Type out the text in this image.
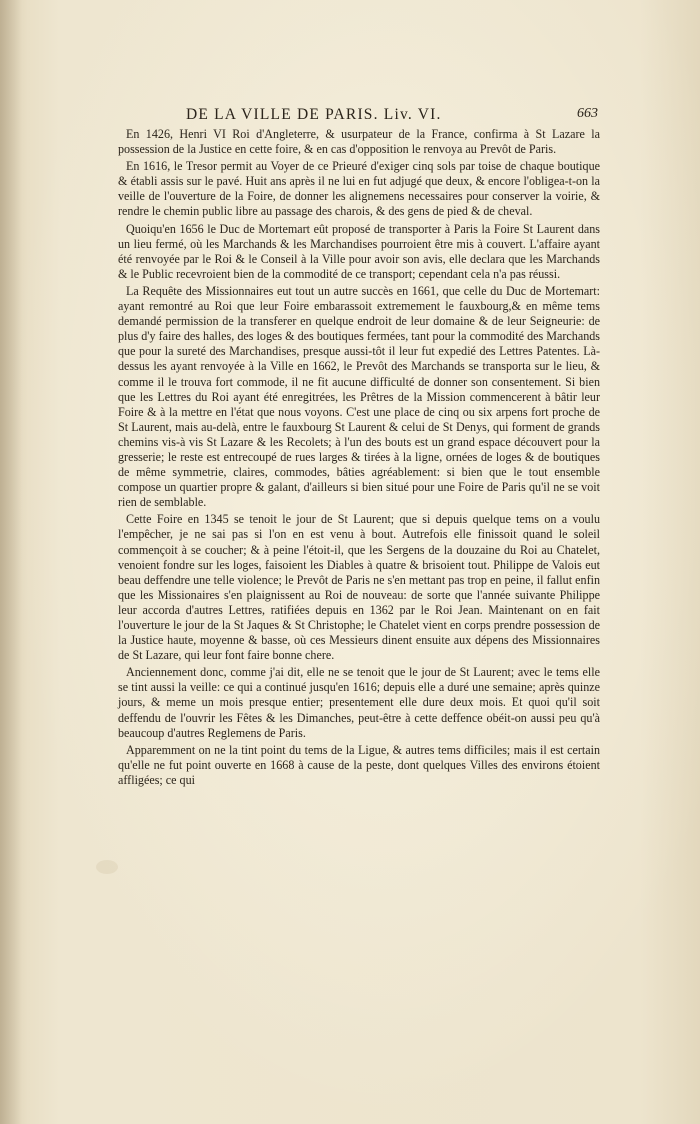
DE LA VILLE DE PARIS. Liv. VI.	663

En 1426, Henri VI Roi d'Angleterre, & usurpateur de la France, confirma à St Lazare la possession de la Justice en cette foire, & en cas d'opposition le renvoya au Prevôt de Paris.

En 1616, le Tresor permit au Voyer de ce Prieuré d'exiger cinq sols par toise de chaque boutique & établi assis sur le pavé. Huit ans après il ne lui en fut adjugé que deux, & encore l'obligea-t-on la veille de l'ouverture de la Foire, de donner les alignemens necessaires pour conserver la voirie, & rendre le chemin public libre au passage des charois, & des gens de pied & de cheval.

Quoiqu'en 1656 le Duc de Mortemart eût proposé de transporter à Paris la Foire St Laurent dans un lieu fermé, où les Marchands & les Marchandises pourroient être mis à couvert. L'affaire ayant été renvoyée par le Roi & le Conseil à la Ville pour avoir son avis, elle declara que les Marchands & le Public recevroient bien de la commodité de ce transport; cependant cela n'a pas réussi.

La Requête des Missionnaires eut tout un autre succès en 1661, que celle du Duc de Mortemart: ayant remontré au Roi que leur Foire embarassoit extremement le fauxbourg,& en même tems demandé permission de la transferer en quelque endroit de leur domaine & de leur Seigneurie: de plus d'y faire des halles, des loges & des boutiques fermées, tant pour la commodité des Marchands que pour la sureté des Marchandises, presque aussi-tôt il leur fut expedié des Lettres Patentes. Là-dessus les ayant renvoyée à la Ville en 1662, le Prevôt des Marchands se transporta sur le lieu, & comme il le trouva fort commode, il ne fit aucune difficulté de donner son consentement. Si bien que les Lettres du Roi ayant été enregitrées, les Prêtres de la Mission commencerent à bâtir leur Foire & à la mettre en l'état que nous voyons. C'est une place de cinq ou six arpens fort proche de St Laurent, mais au-delà, entre le fauxbourg St Laurent & celui de St Denys, qui forment de grands chemins vis-à vis St Lazare & les Recolets; à l'un des bouts est un grand espace découvert pour la gresserie; le reste est entrecoupé de rues larges & tirées à la ligne, ornées de loges & de boutiques de même symmetrie, claires, commodes, bâties agréablement: si bien que le tout ensemble compose un quartier propre & galant, d'ailleurs si bien situé pour une Foire de Paris qu'il ne se voit rien de semblable.

Cette Foire en 1345 se tenoit le jour de St Laurent; que si depuis quelque tems on a voulu l'empêcher, je ne sai pas si l'on en est venu à bout. Autrefois elle finissoit quand le soleil commençoit à se coucher; & à peine l'étoit-il, que les Sergens de la douzaine du Roi au Chatelet, venoient fondre sur les loges, faisoient les Diables à quatre & brisoient tout. Philippe de Valois eut beau deffendre une telle violence; le Prevôt de Paris ne s'en mettant pas trop en peine, il fallut enfin que les Missionaires s'en plaignissent au Roi de nouveau: de sorte que l'année suivante Philippe leur accorda d'autres Lettres, ratifiées depuis en 1362 par le Roi Jean. Maintenant on en fait l'ouverture le jour de la St Jaques & St Christophe; le Chatelet vient en corps prendre possession de la Justice haute, moyenne & basse, où ces Messieurs dinent ensuite aux dépens des Missionnaires de St Lazare, qui leur font faire bonne chere.

Anciennement donc, comme j'ai dit, elle ne se tenoit que le jour de St Laurent; avec le tems elle se tint aussi la veille: ce qui a continué jusqu'en 1616; depuis elle a duré une semaine; après quinze jours, & meme un mois presque entier; presentement elle dure deux mois. Et quoi qu'il soit deffendu de l'ouvrir les Fêtes & les Dimanches, peut-être à cette deffence obéit-on aussi peu qu'à beaucoup d'autres Reglemens de Paris.

Apparemment on ne la tint point du tems de la Ligue, & autres tems difficiles; mais il est certain qu'elle ne fut point ouverte en 1668 à cause de la peste, dont quelques Villes des environs étoient affligées; ce qui
